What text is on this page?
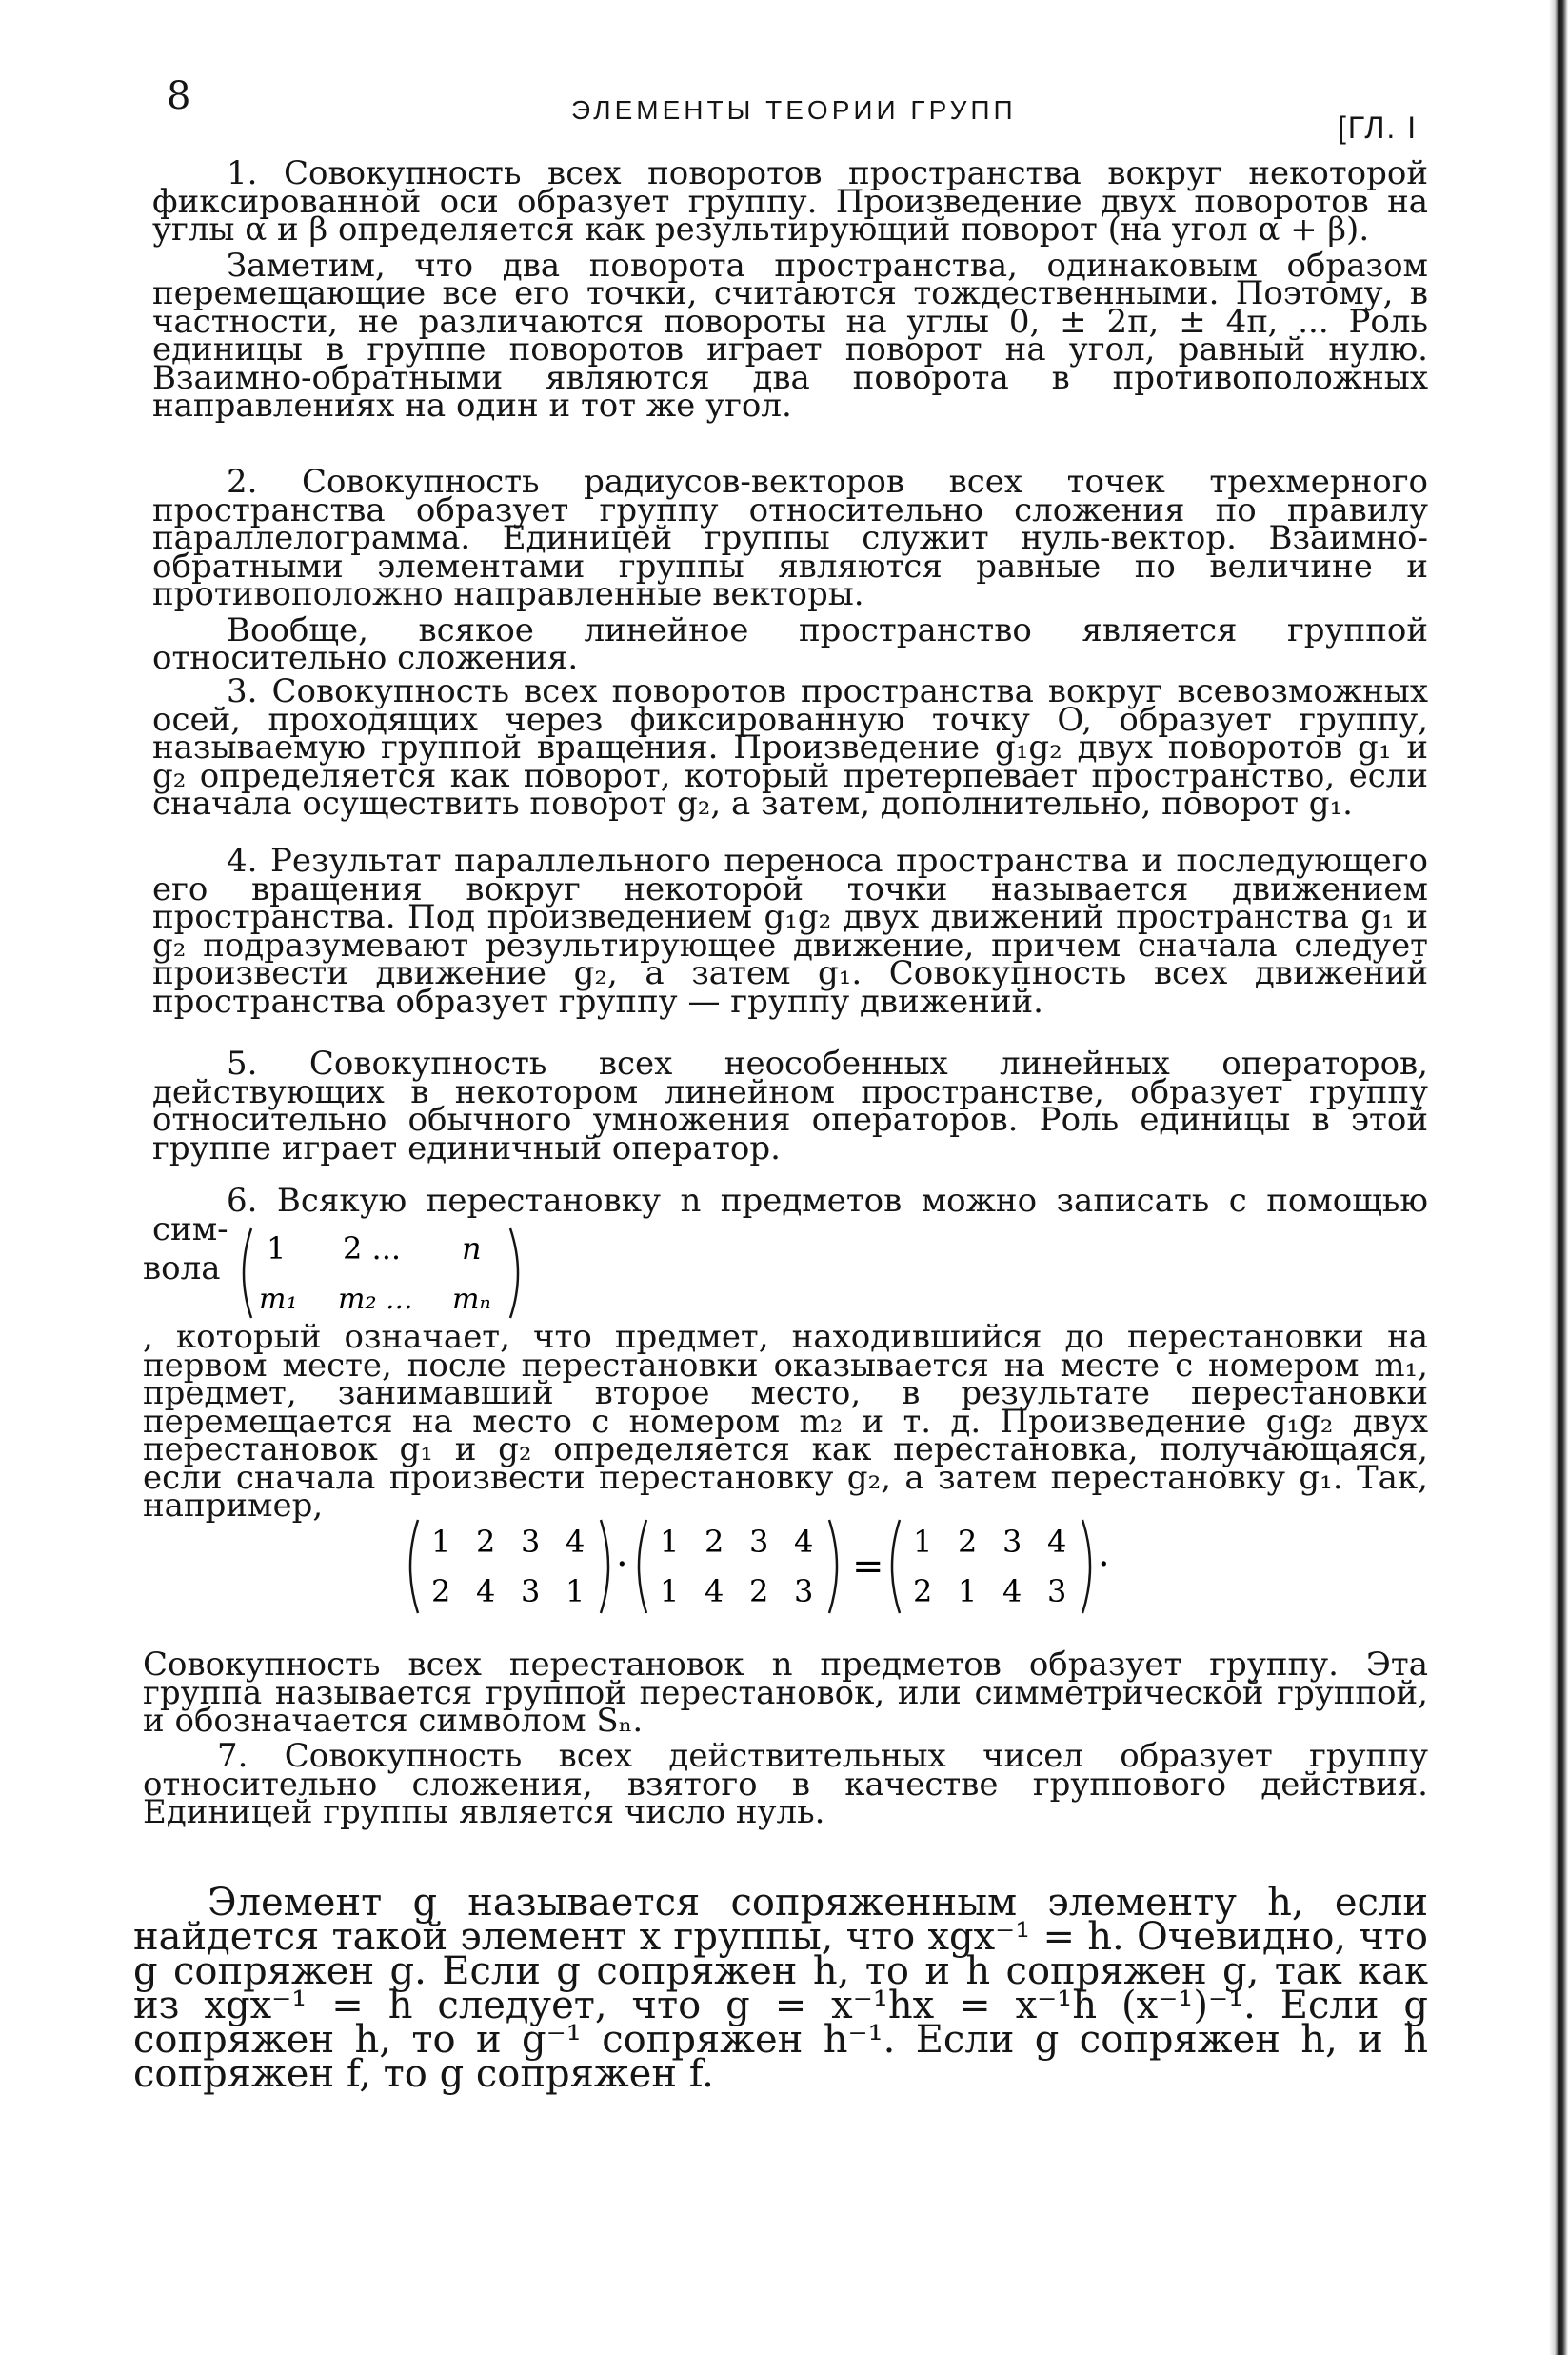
8	ЭЛЕМЕНТЫ ТЕОРИИ ГРУПП
[ГЛ. I

1. Совокупность всех поворотов пространства вокруг некоторой фиксированной оси образует группу. Произведение двух поворотов на углы α и β определяется как результирующий поворот (на угол α + β).

Заметим, что два поворота пространства, одинаковым образом перемещающие все его точки, считаются тождественными. Поэтому, в частности, не различаются повороты на углы 0, ± 2π, ± 4π, ... Роль единицы в группе поворотов играет поворот на угол, равный нулю. Взаимно-обратными являются два поворота в противоположных направлениях на один и тот же угол.

2. Совокупность радиусов-векторов всех точек трехмерного пространства образует группу относительно сложения по правилу параллелограмма. Единицей группы служит нуль-вектор. Взаимно-обратными элементами группы являются равные по величине и противоположно направленные векторы.

Вообще, всякое линейное пространство является группой относительно сложения.

3. Совокупность всех поворотов пространства вокруг всевозможных осей, проходящих через фиксированную точку O, образует группу, называемую группой вращения. Произведение g₁g₂ двух поворотов g₁ и g₂ определяется как поворот, который претерпевает пространство, если сначала осуществить поворот g₂, а затем, дополнительно, поворот g₁.

4. Результат параллельного переноса пространства и последующего его вращения вокруг некоторой точки называется движением пространства. Под произведением g₁g₂ двух движений пространства g₁ и g₂ подразумевают результирующее движение, причем сначала следует произвести движение g₂, а затем g₁. Совокупность всех движений пространства образует группу — группу движений.

5. Совокупность всех неособенных линейных операторов, действующих в некотором линейном пространстве, образует группу относительно обычного умножения операторов. Роль единицы в этой группе играет единичный оператор.

6. Всякую перестановку n предметов можно записать с помощью сим-

1 2 ... n
m₁ m₂ ... mₙ

вола

, который означает, что предмет, находившийся до перестановки на первом месте, после перестановки оказывается на месте с номером m₁, предмет, занимавший второе место, в результате перестановки перемещается на место с номером m₂ и т. д. Произведение g₁g₂ двух перестановок g₁ и g₂ определяется как перестановка, получающаяся, если сначала произвести перестановку g₂, а затем перестановку g₁. Так, например,

1 2 3 4
2 4 3 1
·
1 2 3 4
1 4 2 3
=
1 2 3 4
2 1 4 3
·

Совокупность всех перестановок n предметов образует группу. Эта группа называется группой перестановок, или симметрической группой, и обозначается символом Sₙ.

7. Совокупность всех действительных чисел образует группу относительно сложения, взятого в качестве группового действия. Единицей группы является число нуль.

Элемент g называется сопряженным элементу h, если найдется такой элемент x группы, что xgx⁻¹ = h. Очевидно, что g сопряжен g. Если g сопряжен h, то и h сопряжен g, так как из xgx⁻¹ = h следует, что g = x⁻¹hx = x⁻¹h (x⁻¹)⁻¹. Если g сопряжен h, то и g⁻¹ сопряжен h⁻¹. Если g сопряжен h, и h сопряжен f, то g сопряжен f.
